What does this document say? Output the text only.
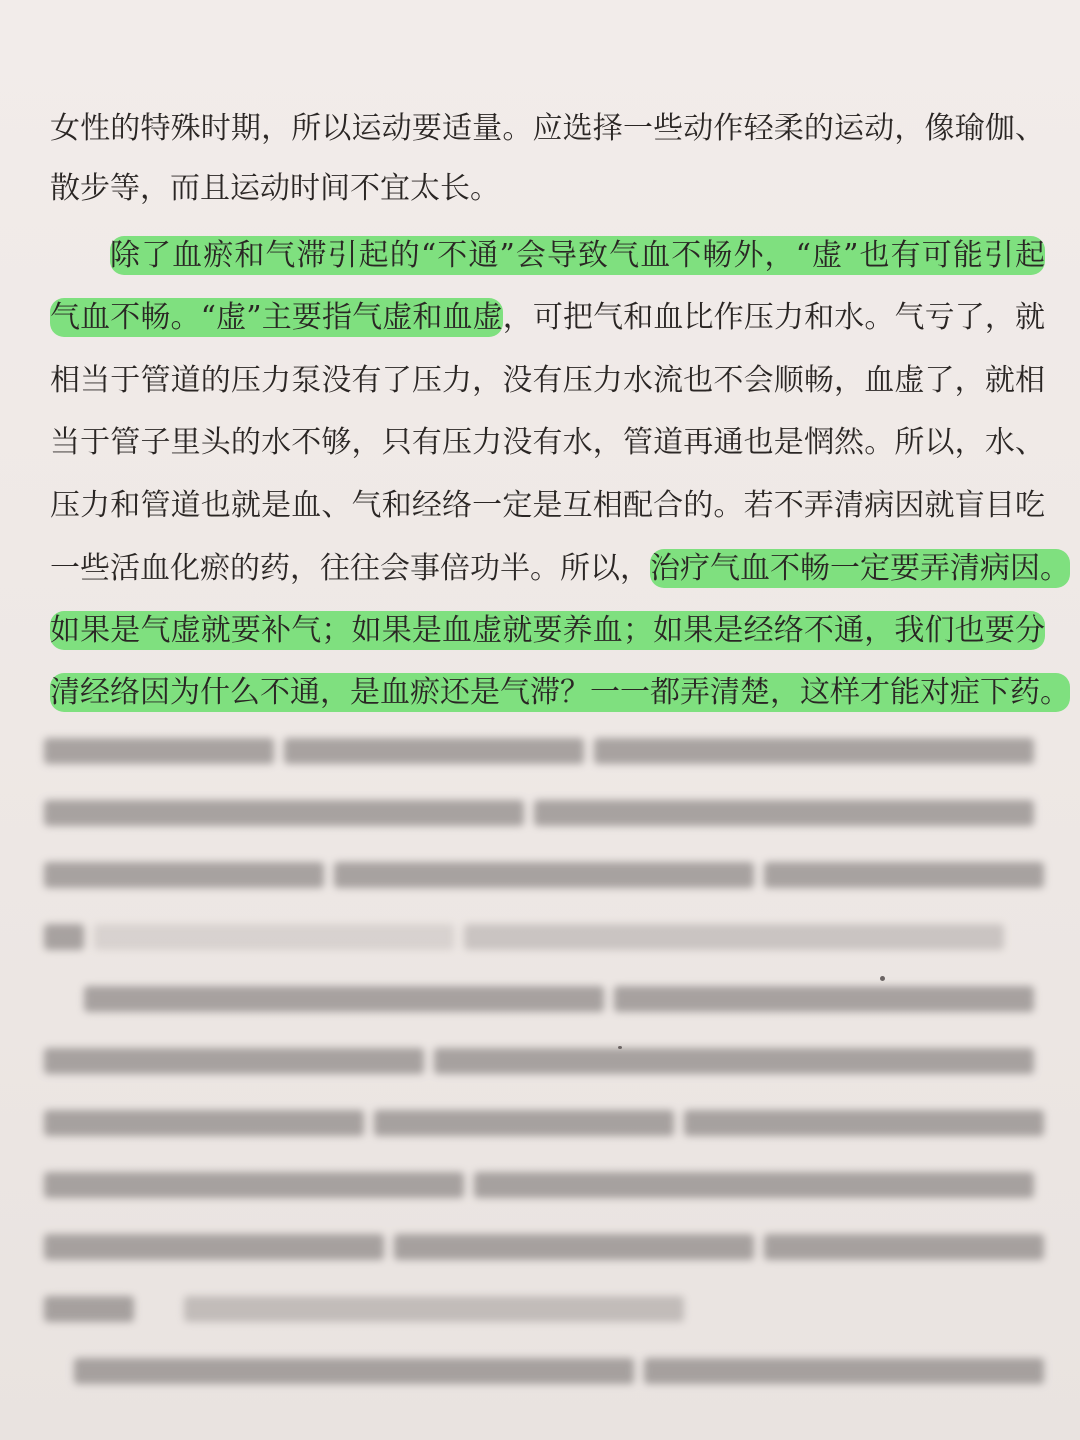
女性的特殊时期，所以运动要适量。应选择一些动作轻柔的运动，像瑜伽、
散步等，而且运动时间不宜太长。
除了血瘀和气滞引起的“不通”会导致气血不畅外，“虚”也有可能引起
气血不畅。“虚”主要指气虚和血虚，可把气和血比作压力和水。气亏了，就
相当于管道的压力泵没有了压力，没有压力水流也不会顺畅，血虚了，就相
当于管子里头的水不够，只有压力没有水，管道再通也是惘然。所以，水、
压力和管道也就是血、气和经络一定是互相配合的。若不弄清病因就盲目吃
一些活血化瘀的药，往往会事倍功半。所以，治疗气血不畅一定要弄清病因。
如果是气虚就要补气；如果是血虚就要养血；如果是经络不通，我们也要分
清经络因为什么不通，是血瘀还是气滞？一一都弄清楚，这样才能对症下药。
